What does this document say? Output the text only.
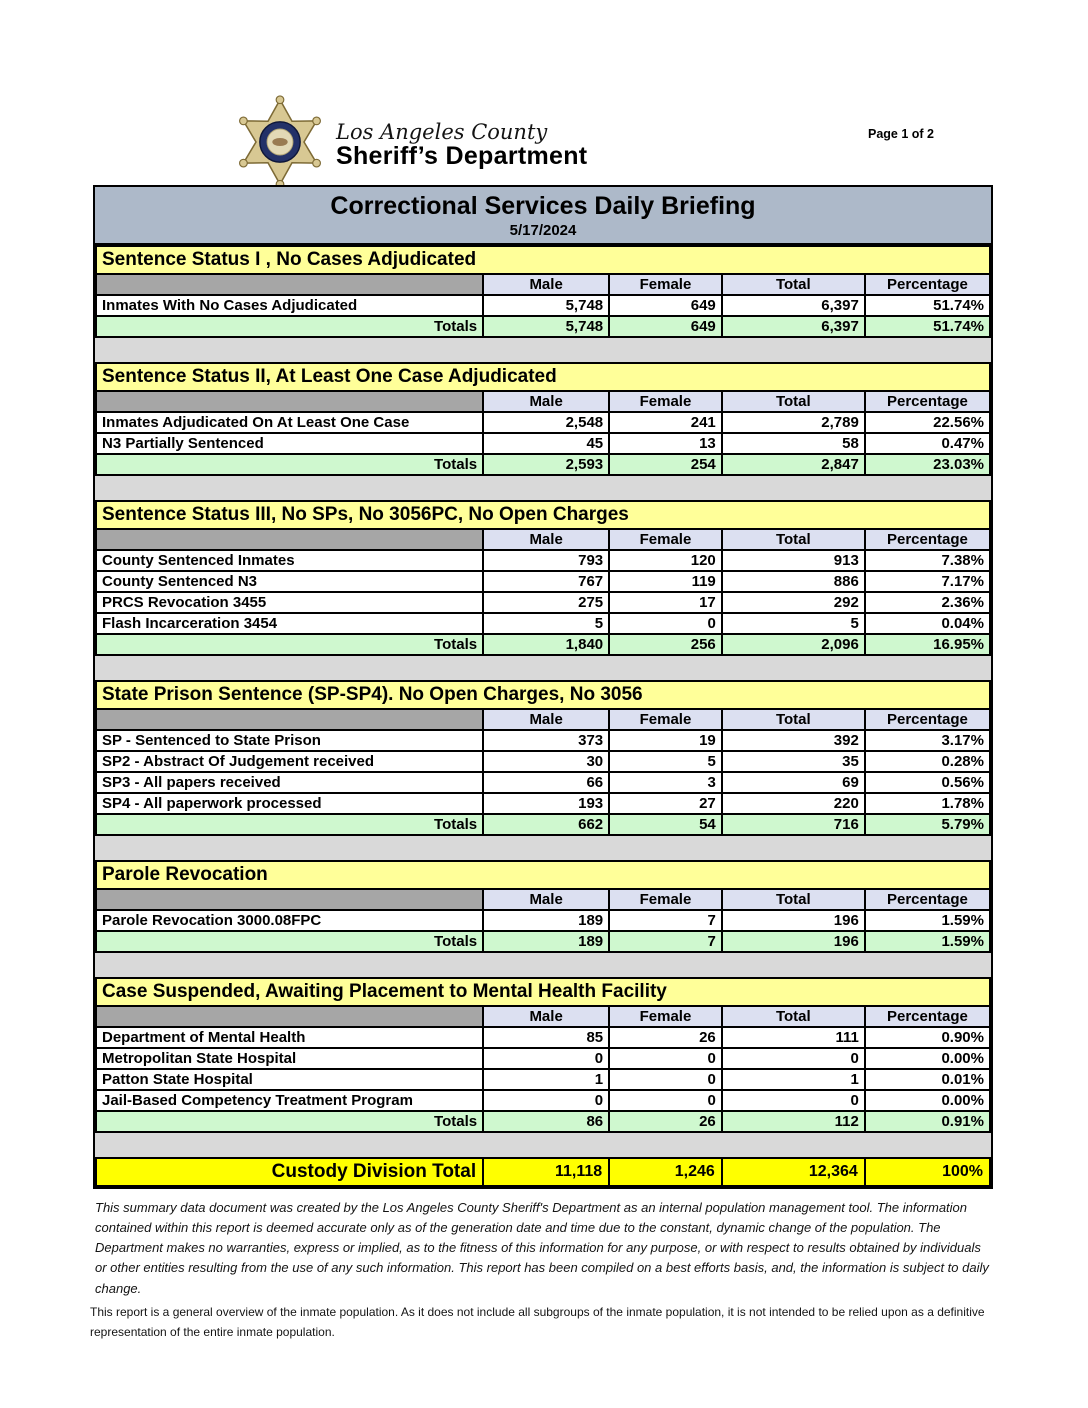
Los Angeles County
Sheriff’s Department
Page 1 of 2
Correctional Services Daily Briefing
5/17/2024
Sentence Status I , No Cases Adjudicated				
	Male	Female	Total	Percentage
Inmates With No Cases Adjudicated	5,748	649	6,397	51.74%
Totals	5,748	649	6,397	51.74%
Sentence Status II, At Least One Case Adjudicated				
	Male	Female	Total	Percentage
Inmates Adjudicated On At Least One Case	2,548	241	2,789	22.56%
N3 Partially Sentenced	45	13	58	0.47%
Totals	2,593	254	2,847	23.03%
Sentence Status III, No SPs, No 3056PC, No Open Charges				
	Male	Female	Total	Percentage
County Sentenced Inmates	793	120	913	7.38%
County Sentenced N3	767	119	886	7.17%
PRCS Revocation 3455	275	17	292	2.36%
Flash Incarceration 3454	5	0	5	0.04%
Totals	1,840	256	2,096	16.95%
State Prison Sentence (SP-SP4). No Open Charges, No 3056				
	Male	Female	Total	Percentage
SP - Sentenced to State Prison	373	19	392	3.17%
SP2 - Abstract Of Judgement received	30	5	35	0.28%
SP3 - All papers received	66	3	69	0.56%
SP4 - All paperwork processed	193	27	220	1.78%
Totals	662	54	716	5.79%
Parole Revocation				
	Male	Female	Total	Percentage
Parole Revocation 3000.08FPC	189	7	196	1.59%
Totals	189	7	196	1.59%
Case Suspended, Awaiting Placement to Mental Health Facility				
	Male	Female	Total	Percentage
Department of Mental Health	85	26	111	0.90%
Metropolitan State Hospital	0	0	0	0.00%
Patton State Hospital	1	0	1	0.01%
Jail-Based Competency Treatment Program	0	0	0	0.00%
Totals	86	26	112	0.91%
Custody Division Total	11,118	1,246	12,364	100%

This summary data document was created by the Los Angeles County Sheriff's Department as an internal population management tool. The information contained within this report is deemed accurate only as of the generation date and time due to the constant, dynamic change of the population. The Department makes no warranties, express or implied, as to the fitness of this information for any purpose, or with respect to results obtained by individuals or other entities resulting from the use of any such information. This report has been compiled on a best efforts basis, and, the information is subject to daily change.

This report is a general overview of the inmate population. As it does not include all subgroups of the inmate population, it is not intended to be relied upon as a definitive representation of the entire inmate population.
